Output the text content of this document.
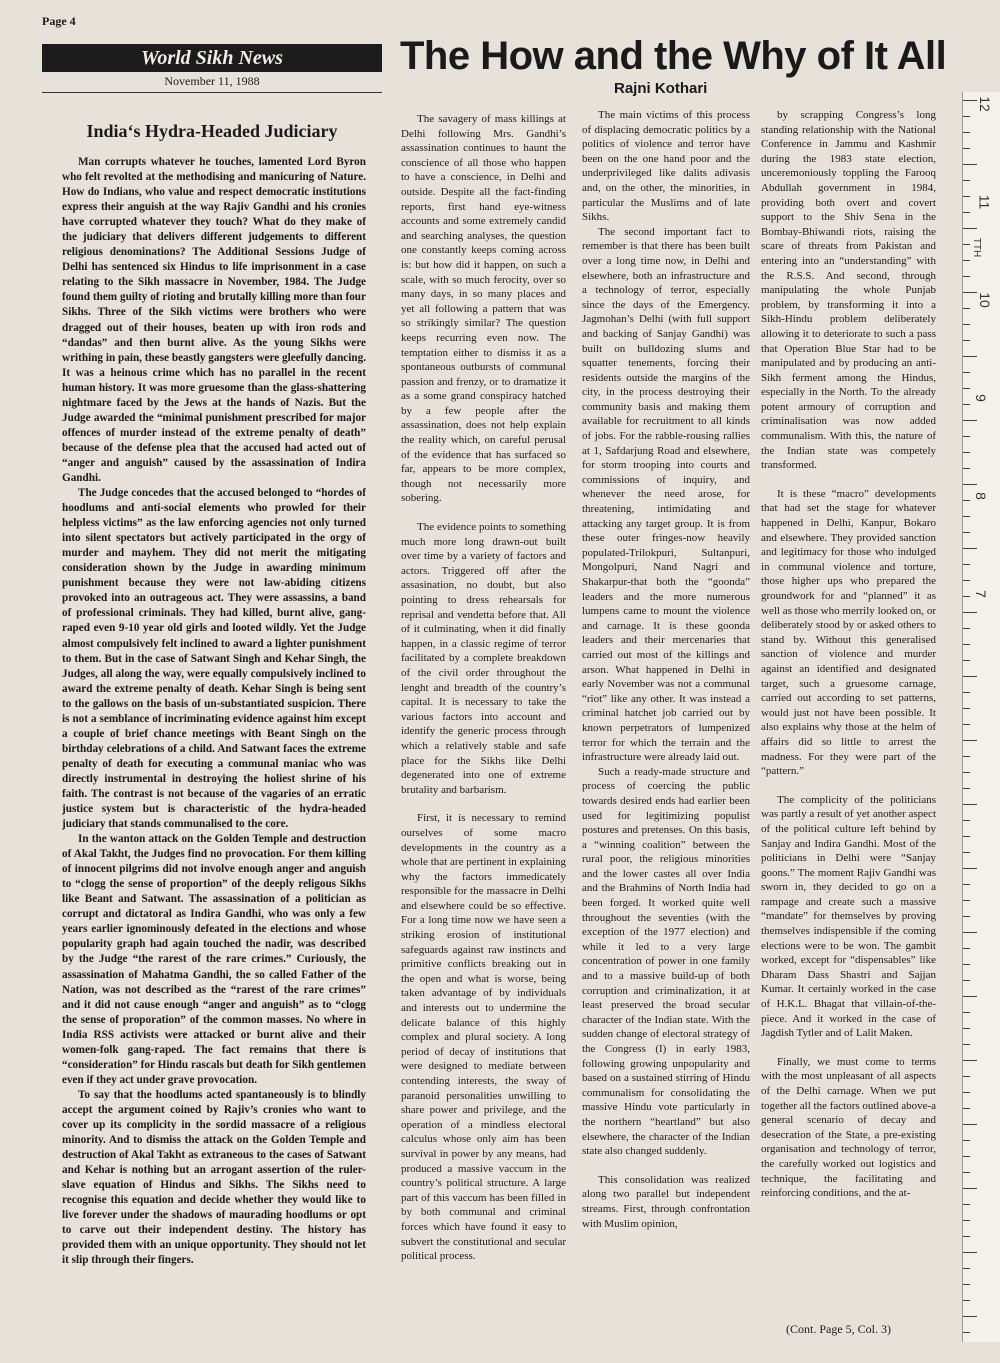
Page 4
World Sikh News
November 11, 1988
The How and the Why of It All
Rajni Kothari
India‘s Hydra-Headed Judiciary

Man corrupts whatever he touches, lamented Lord Byron who felt revolted at the methodising and manicuring of Nature. How do Indians, who value and respect democratic institutions express their anguish at the way Rajiv Gandhi and his cronies have corrupted whatever they touch? What do they make of the judiciary that delivers different judgements to different religious denominations? The Additional Sessions Judge of Delhi has sentenced six Hindus to life imprisonment in a case relating to the Sikh massacre in November, 1984. The Judge found them guilty of rioting and brutally killing more than four Sikhs. Three of the Sikh victims were brothers who were dragged out of their houses, beaten up with iron rods and “dandas” and then burnt alive. As the young Sikhs were writhing in pain, these beastly gangsters were gleefully dancing. It was a heinous crime which has no parallel in the recent human history. It was more gruesome than the glass-shattering nightmare faced by the Jews at the hands of Nazis. But the Judge awarded the “minimal punishment prescribed for major offences of murder instead of the extreme penalty of death” because of the defense plea that the accused had acted out of “anger and anguish” caused by the assassination of Indira Gandhi.

The Judge concedes that the accused belonged to “hordes of hoodlums and anti-social elements who prowled for their helpless victims” as the law enforcing agencies not only turned into silent spectators but actively participated in the orgy of murder and mayhem. They did not merit the mitigating consideration shown by the Judge in awarding minimum punishment because they were not law-abiding citizens provoked into an outrageous act. They were assassins, a band of professional criminals. They had killed, burnt alive, gang-raped even 9-10 year old girls and looted wildly. Yet the Judge almost compulsively felt inclined to award a lighter punishment to them. But in the case of Satwant Singh and Kehar Singh, the Judges, all along the way, were equally compulsively inclined to award the extreme penalty of death. Kehar Singh is being sent to the gallows on the basis of un-substantiated suspicion. There is not a semblance of incriminating evidence against him except a couple of brief chance meetings with Beant Singh on the birthday celebrations of a child. And Satwant faces the extreme penalty of death for executing a communal maniac who was directly instrumental in destroying the holiest shrine of his faith. The contrast is not because of the vagaries of an erratic justice system but is characteristic of the hydra-headed judiciary that stands communalised to the core.

In the wanton attack on the Golden Temple and destruction of Akal Takht, the Judges find no provocation. For them killing of innocent pilgrims did not involve enough anger and anguish to “clogg the sense of proportion” of the deeply religous Sikhs like Beant and Satwant. The assassination of a politician as corrupt and dictatoral as Indira Gandhi, who was only a few years earlier ignominously defeated in the elections and whose popularity graph had again touched the nadir, was described by the Judge “the rarest of the rare crimes.” Curiously, the assassination of Mahatma Gandhi, the so called Father of the Nation, was not described as the “rarest of the rare crimes” and it did not cause enough “anger and anguish” as to “clogg the sense of proporation” of the common masses. No where in India RSS activists were attacked or burnt alive and their women-folk gang-raped. The fact remains that there is “consideration” for Hindu rascals but death for Sikh gentlemen even if they act under grave provocation.

To say that the hoodlums acted spantaneously is to blindly accept the argument coined by Rajiv’s cronies who want to cover up its complicity in the sordid massacre of a religious minority. And to dismiss the attack on the Golden Temple and destruction of Akal Takht as extraneous to the cases of Satwant and Kehar is nothing but an arrogant assertion of the ruler-slave equation of Hindus and Sikhs. The Sikhs need to recognise this equation and decide whether they would like to live forever under the shadows of maurading hoodlums or opt to carve out their independent destiny. The history has provided them with an unique opportunity. They should not let it slip through their fingers.

The savagery of mass killings at Delhi following Mrs. Gandhi’s assassination continues to haunt the conscience of all those who happen to have a conscience, in Delhi and outside. Despite all the fact-finding reports, first hand eye-witness accounts and some extremely candid and searching analyses, the question one constantly keeps coming across is: but how did it happen, on such a scale, with so much ferocity, over so many days, in so many places and yet all following a pattern that was so strikingly similar? The question keeps recurring even now. The temptation either to dismiss it as a spontaneous outbursts of communal passion and frenzy, or to dramatize it as a some grand conspiracy hatched by a few people after the assassination, does not help explain the reality which, on careful perusal of the evidence that has surfaced so far, appears to be more complex, though not necessarily more sobering.

The evidence points to something much more long drawn-out built over time by a variety of factors and actors. Triggered off after the assasination, no doubt, but also pointing to dress rehearsals for reprisal and vendetta before that. All of it culminating, when it did finally happen, in a classic regime of terror facilitated by a complete breakdown of the civil order throughout the lenght and breadth of the country’s capital. It is necessary to take the various factors into account and identify the generic process through which a relatively stable and safe place for the Sikhs like Delhi degenerated into one of extreme brutality and barbarism.

First, it is necessary to remind ourselves of some macro developments in the country as a whole that are pertinent in explaining why the factors immedicately responsible for the massacre in Delhi and elsewhere could be so effective. For a long time now we have seen a striking erosion of institutional safeguards against raw instincts and primitive conflicts breaking out in the open and what is worse, being taken advantage of by individuals and interests out to undermine the delicate balance of this highly complex and plural society. A long period of decay of institutions that were designed to mediate between contending interests, the sway of paranoid personalities unwilling to share power and privilege, and the operation of a mindless electoral calculus whose only aim has been survival in power by any means, had produced a massive vaccum in the country’s political structure. A large part of this vaccum has been filled in by both communal and criminal forces which have found it easy to subvert the constitutional and secular political process.

The main victims of this process of displacing democratic politics by a politics of violence and terror have been on the one hand poor and the underprivileged like dalits adivasis and, on the other, the minorities, in particular the Muslims and of late Sikhs.

The second important fact to remember is that there has been built over a long time now, in Delhi and elsewhere, both an infrastructure and a technology of terror, especially since the days of the Emergency. Jagmohan’s Delhi (with full support and backing of Sanjay Gandhi) was built on bulldozing slums and squatter tenements, forcing their residents outside the margins of the city, in the process destroying their community basis and making them available for recruitment to all kinds of jobs. For the rabble-rousing rallies at 1, Safdarjung Road and elsewhere, for storm trooping into courts and commissions of inquiry, and whenever the need arose, for threatening, intimidating and attacking any target group. It is from these outer fringes-now heavily populated-Trilokpuri, Sultanpuri, Mongolpuri, Nand Nagri and Shakarpur-that both the “goonda” leaders and the more numerous lumpens came to mount the violence and carnage. It is these goonda leaders and their mercenaries that carried out most of the killings and arson. What happened in Delhi in early November was not a communal “riot” like any other. It was instead a criminal hatchet job carried out by known perpetrators of lumpenized terror for which the terrain and the infrastructure were already laid out.

Such a ready-made structure and process of coercing the public towards desired ends had earlier been used for legitimizing populist postures and pretenses. On this basis, a “winning coalition” between the rural poor, the religious minorities and the lower castes all over India and the Brahmins of North India had been forged. It worked quite well throughout the seventies (with the exception of the 1977 election) and while it led to a very large concentration of power in one family and to a massive build-up of both corruption and criminalization, it at least preserved the broad secular character of the Indian state. With the sudden change of electoral strategy of the Congress (I) in early 1983, following growing unpopularity and based on a sustained stirring of Hindu communalism for consolidating the massive Hindu vote particularly in the northern “heartland” but also elsewhere, the character of the Indian state also changed suddenly.

This consolidation was realized along two parallel but independent streams. First, through confrontation with Muslim opinion,

by scrapping Congress’s long standing relationship with the National Conference in Jammu and Kashmir during the 1983 state election, unceremoniously toppling the Farooq Abdullah government in 1984, providing both overt and covert support to the Shiv Sena in the Bombay-Bhiwandi riots, raising the scare of threats from Pakistan and entering into an “understanding” with the R.S.S. And second, through manipulating the whole Punjab problem, by transforming it into a Sikh-Hindu problem deliberately allowing it to deteriorate to such a pass that Operation Blue Star had to be manipulated and by producing an anti-Sikh ferment among the Hindus, especially in the North. To the already potent armoury of corruption and criminalisation was now added communalism. With this, the nature of the Indian state was competely transformed.

It is these “macro” developments that had set the stage for whatever happened in Delhi, Kanpur, Bokaro and elsewhere. They provided sanction and legitimacy for those who indulged in communal violence and torture, those higher ups who prepared the groundwork for and “planned” it as well as those who merrily looked on, or deliberately stood by or asked others to stand by. Without this generalised sanction of violence and murder against an identified and designated target, such a gruesome carnage, carried out according to set patterns, would just not have been possible. It also explains why those at the helm of affairs did so little to arrest the madness. For they were part of the “pattern.”

The complicity of the politicians was partly a result of yet another aspect of the political culture left behind by Sanjay and Indira Gandhi. Most of the politicians in Delhi were “Sanjay goons.” The moment Rajiv Gandhi was sworn in, they decided to go on a rampage and create such a massive “mandate” for themselves by proving themselves indispensible if the coming elections were to be won. The gambit worked, except for “dispensables” like Dharam Dass Shastri and Sajjan Kumar. It certainly worked in the case of H.K.L. Bhagat that villain-of-the-piece. And it worked in the case of Jagdish Tytler and of Lalit Maken.

Finally, we must come to terms with the most unpleasant of all aspects of the Delhi carnage. When we put together all the factors outlined above-a general scenario of decay and desecration of the State, a pre-existing organisation and technology of terror, the carefully worked out logistics and technique, the facilitating and reinforcing conditions, and the at-

(Cont. Page 5, Col. 3)
TTH
12
11
10
9
8
7
